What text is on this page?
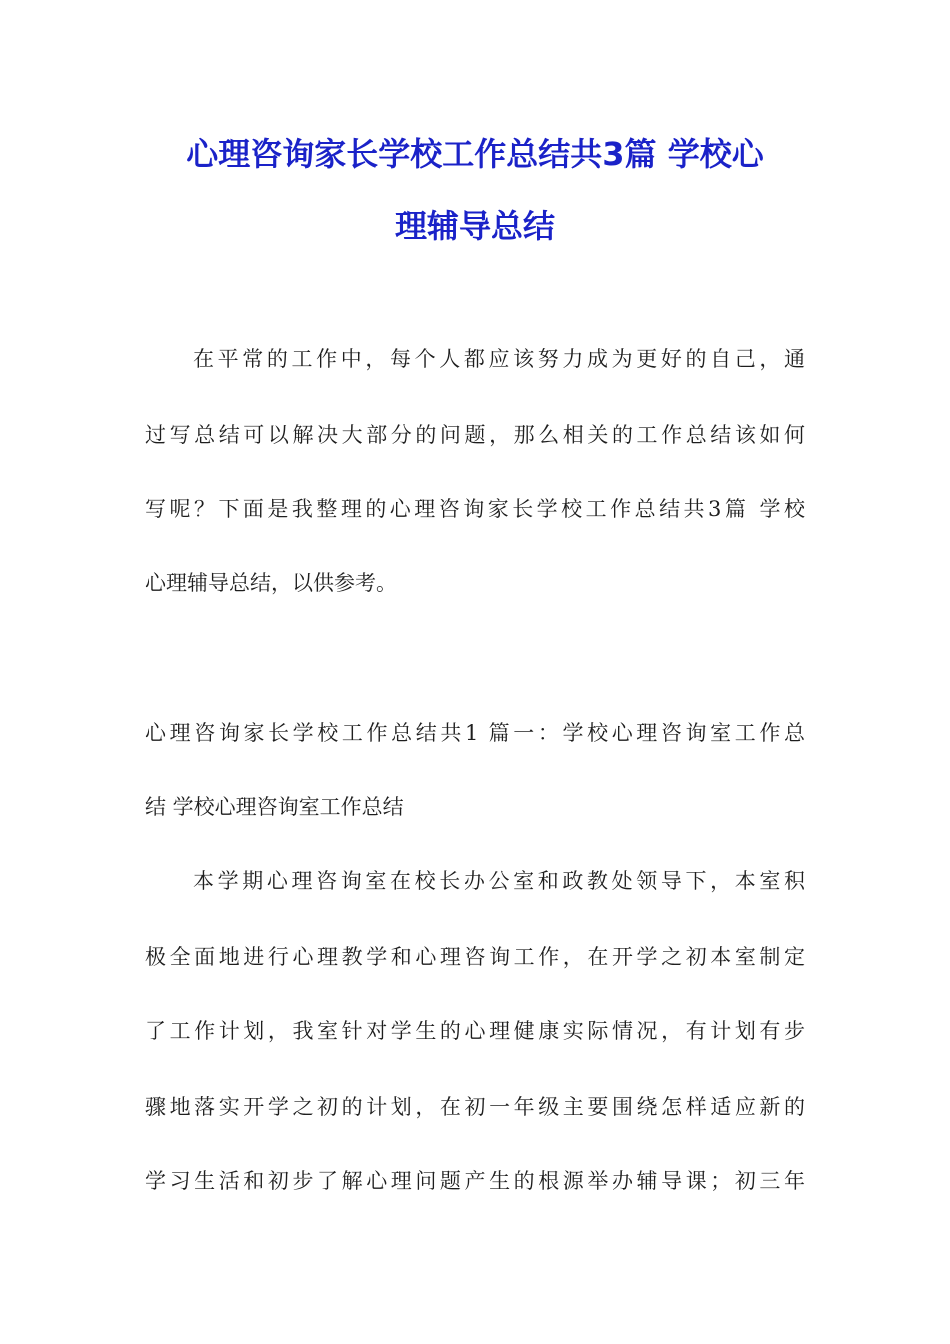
心理咨询家长学校工作总结共3篇 学校心
理辅导总结
在平常的工作中，每个人都应该努力成为更好的自己，通
过写总结可以解决大部分的问题，那么相关的工作总结该如何
写呢？下面是我整理的心理咨询家长学校工作总结共3篇 学校
心理辅导总结，以供参考。
心理咨询家长学校工作总结共1 篇一：学校心理咨询室工作总
结 学校心理咨询室工作总结
本学期心理咨询室在校长办公室和政教处领导下，本室积
极全面地进行心理教学和心理咨询工作，在开学之初本室制定
了工作计划，我室针对学生的心理健康实际情况，有计划有步
骤地落实开学之初的计划，在初一年级主要围绕怎样适应新的
学习生活和初步了解心理问题产生的根源举办辅导课；初三年
